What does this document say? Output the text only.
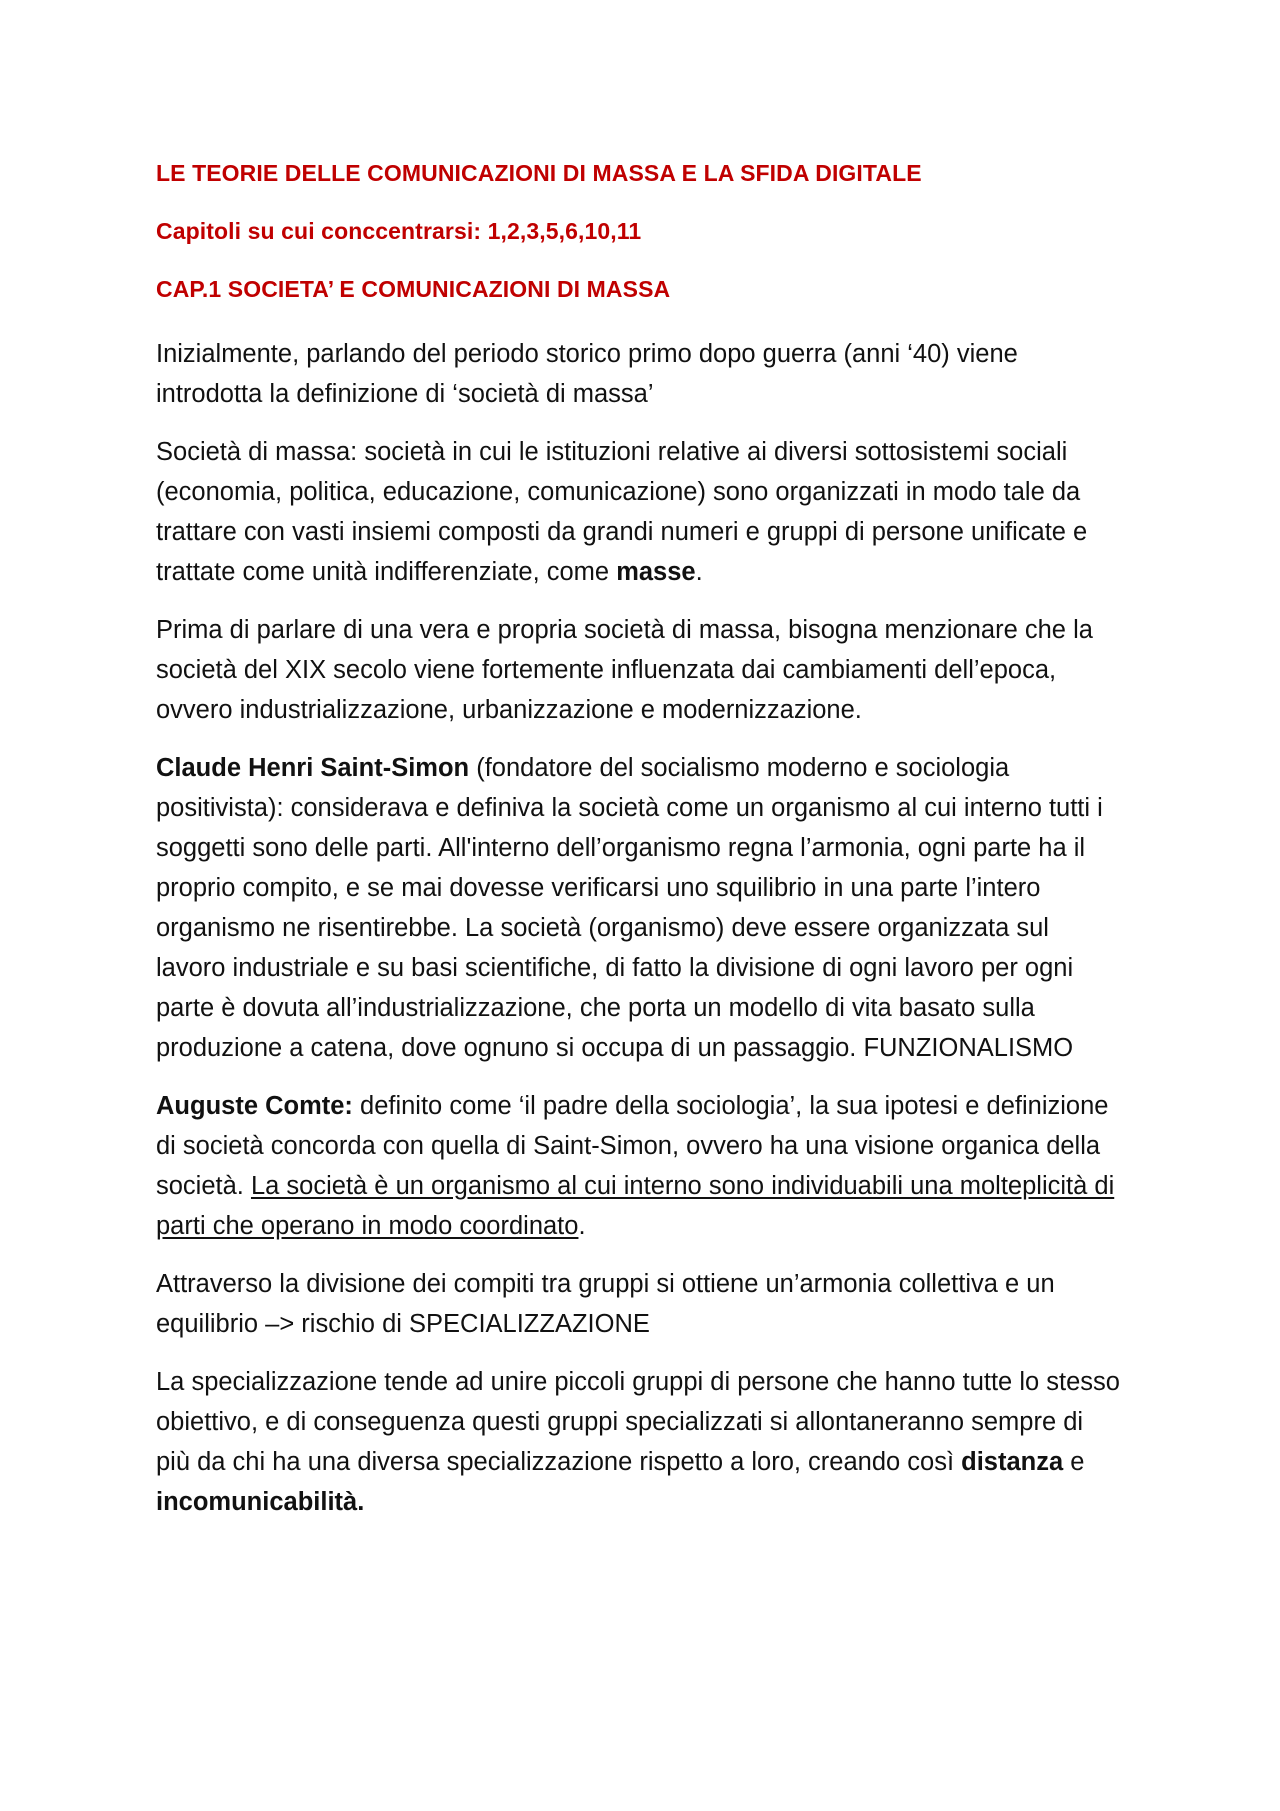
LE TEORIE DELLE COMUNICAZIONI DI MASSA E LA SFIDA DIGITALE
Capitoli su cui conccentrarsi: 1,2,3,5,6,10,11
CAP.1 SOCIETA’ E COMUNICAZIONI DI MASSA

Inizialmente, parlando del periodo storico primo dopo guerra (anni ‘40) viene introdotta la definizione di ‘società di massa’

Società di massa: società in cui le istituzioni relative ai diversi sottosistemi sociali (economia, politica, educazione, comunicazione) sono organizzati in modo tale da trattare con vasti insiemi composti da grandi numeri e gruppi di persone unificate e trattate come unità indifferenziate, come masse.

Prima di parlare di una vera e propria società di massa, bisogna menzionare che la società del XIX secolo viene fortemente influenzata dai cambiamenti dell’epoca, ovvero industrializzazione, urbanizzazione e modernizzazione.

Claude Henri Saint-Simon (fondatore del socialismo moderno e sociologia positivista): considerava e definiva la società come un organismo al cui interno tutti i soggetti sono delle parti. All'interno dell’organismo regna l’armonia, ogni parte ha il proprio compito, e se mai dovesse verificarsi uno squilibrio in una parte l’intero organismo ne risentirebbe. La società (organismo) deve essere organizzata sul lavoro industriale e su basi scientifiche, di fatto la divisione di ogni lavoro per ogni parte è dovuta all’industrializzazione, che porta un modello di vita basato sulla produzione a catena, dove ognuno si occupa di un passaggio. FUNZIONALISMO

Auguste Comte: definito come ‘il padre della sociologia’, la sua ipotesi e definizione di società concorda con quella di Saint-Simon, ovvero ha una visione organica della società. La società è un organismo al cui interno sono individuabili una molteplicità di parti che operano in modo coordinato.

Attraverso la divisione dei compiti tra gruppi si ottiene un’armonia collettiva e un equilibrio –> rischio di SPECIALIZZAZIONE

La specializzazione tende ad unire piccoli gruppi di persone che hanno tutte lo stesso obiettivo, e di conseguenza questi gruppi specializzati si allontaneranno sempre di più da chi ha una diversa specializzazione rispetto a loro, creando così distanza e incomunicabilità.
